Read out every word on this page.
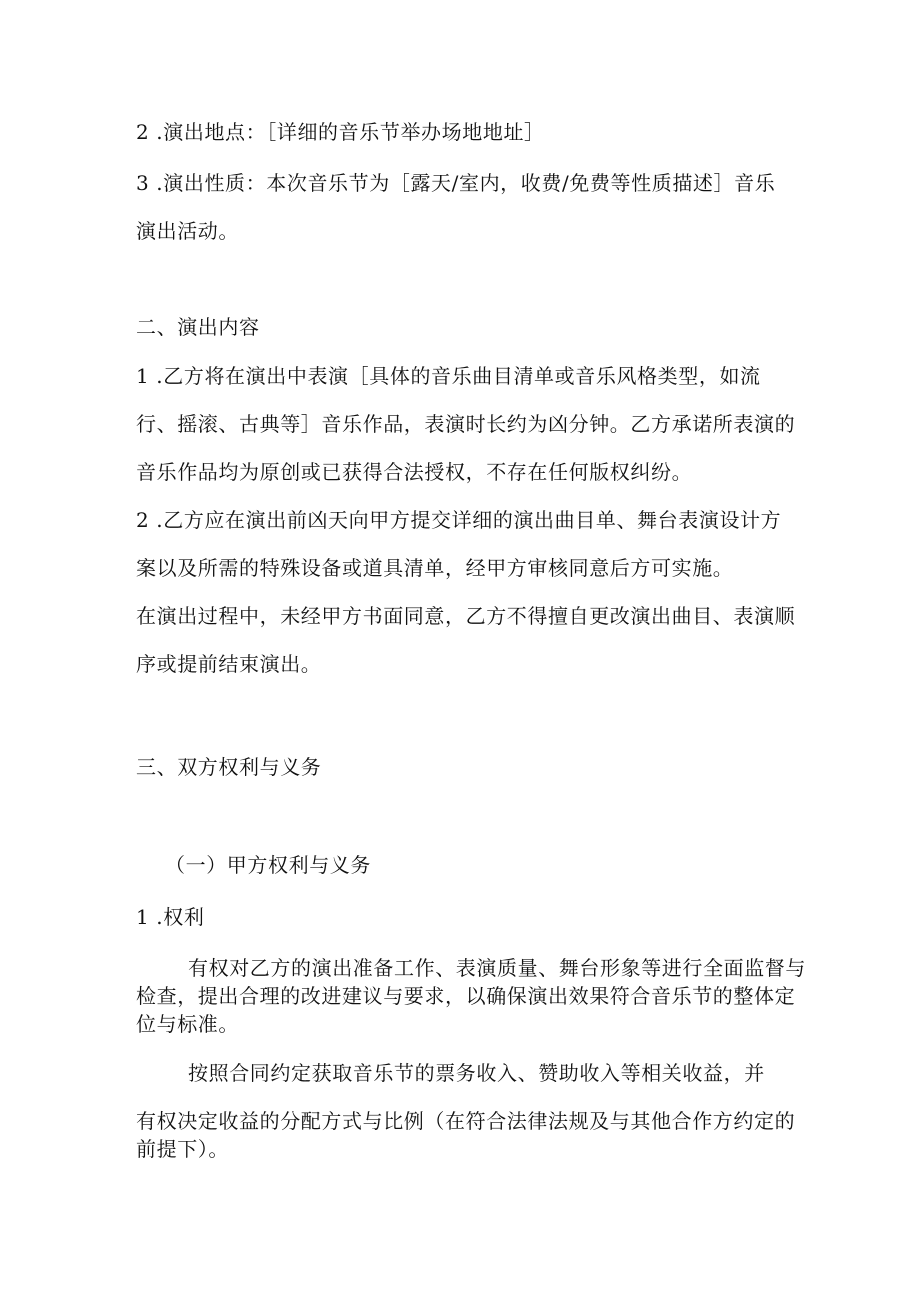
2 .演出地点：［详细的音乐节举办场地地址］
3 .演出性质：本次音乐节为［露天/室内，收费/免费等性质描述］音乐
演出活动。
二、演出内容
1 .乙方将在演出中表演［具体的音乐曲目清单或音乐风格类型，如流
行、摇滚、古典等］音乐作品，表演时长约为凶分钟。乙方承诺所表演的
音乐作品均为原创或已获得合法授权，不存在任何版权纠纷。
2 .乙方应在演出前凶天向甲方提交详细的演出曲目单、舞台表演设计方
案以及所需的特殊设备或道具清单，经甲方审核同意后方可实施。
在演出过程中，未经甲方书面同意，乙方不得擅自更改演出曲目、表演顺
序或提前结束演出。
三、双方权利与义务
（一）甲方权利与义务
1 .权利
有权对乙方的演出准备工作、表演质量、舞台形象等进行全面监督与
检查，提出合理的改进建议与要求，以确保演出效果符合音乐节的整体定
位与标准。
按照合同约定获取音乐节的票务收入、赞助收入等相关收益，并
有权决定收益的分配方式与比例（在符合法律法规及与其他合作方约定的
前提下）。
